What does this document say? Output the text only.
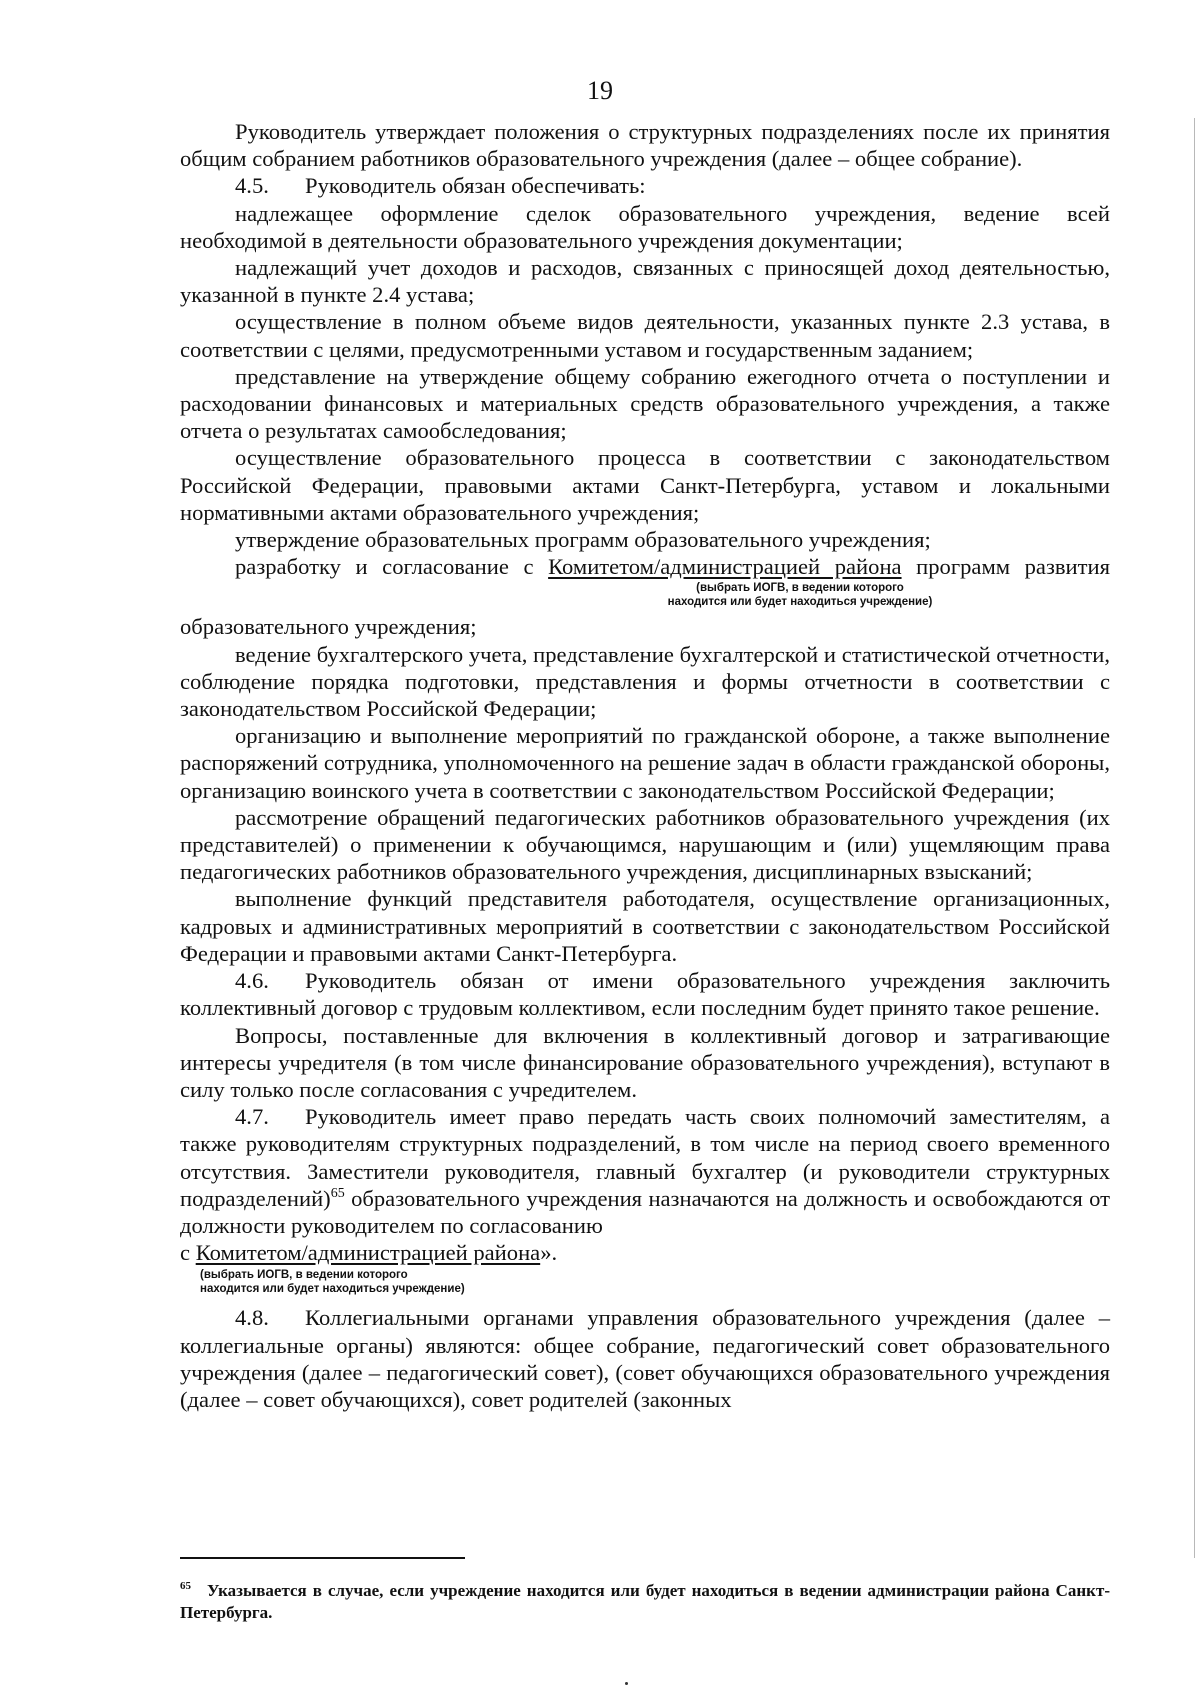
19

Руководитель утверждает положения о структурных подразделениях после их принятия общим собранием работников образовательного учреждения (далее – общее собрание).

4.5. Руководитель обязан обеспечивать:

надлежащее оформление сделок образовательного учреждения, ведение всей необходимой в деятельности образовательного учреждения документации;

надлежащий учет доходов и расходов, связанных с приносящей доход деятельностью, указанной в пункте 2.4 устава;

осуществление в полном объеме видов деятельности, указанных пункте 2.3 устава, в соответствии с целями, предусмотренными уставом и государственным заданием;

представление на утверждение общему собранию ежегодного отчета о поступлении и расходовании финансовых и материальных средств образовательного учреждения, а также отчета о результатах самообследования;

осуществление образовательного процесса в соответствии с законодательством Российской Федерации, правовыми актами Санкт-Петербурга, уставом и локальными нормативными актами образовательного учреждения;

утверждение образовательных программ образовательного учреждения;

разработку и согласование с Комитетом/администрацией района программ развития

(выбрать ИОГВ, в ведении которого
находится или будет находиться учреждение)

образовательного учреждения;

ведение бухгалтерского учета, представление бухгалтерской и статистической отчетности, соблюдение порядка подготовки, представления и формы отчетности в соответствии с законодательством Российской Федерации;

организацию и выполнение мероприятий по гражданской обороне, а также выполнение распоряжений сотрудника, уполномоченного на решение задач в области гражданской обороны, организацию воинского учета в соответствии с законодательством Российской Федерации;

рассмотрение обращений педагогических работников образовательного учреждения (их представителей) о применении к обучающимся, нарушающим и (или) ущемляющим права педагогических работников образовательного учреждения, дисциплинарных взысканий;

выполнение функций представителя работодателя, осуществление организационных, кадровых и административных мероприятий в соответствии с законодательством Российской Федерации и правовыми актами Санкт-Петербурга.

4.6. Руководитель обязан от имени образовательного учреждения заключить коллективный договор с трудовым коллективом, если последним будет принято такое решение.

Вопросы, поставленные для включения в коллективный договор и затрагивающие интересы учредителя (в том числе финансирование образовательного учреждения), вступают в силу только после согласования с учредителем.

4.7. Руководитель имеет право передать часть своих полномочий заместителям, а также руководителям структурных подразделений, в том числе на период своего временного отсутствия. Заместители руководителя, главный бухгалтер (и руководители структурных подразделений)$^{65}$ образовательного учреждения назначаются на должность и освобождаются от должности руководителем по согласованию

с Комитетом/администрацией района».

(выбрать ИОГВ, в ведении которого
находится или будет находиться учреждение)

4.8. Коллегиальными органами управления образовательного учреждения (далее – коллегиальные органы) являются: общее собрание, педагогический совет образовательного учреждения (далее – педагогический совет), (совет обучающихся образовательного учреждения (далее – совет обучающихся), совет родителей (законных

$^{65}$ Указывается в случае, если учреждение находится или будет находиться в ведении администрации района Санкт-Петербурга.
